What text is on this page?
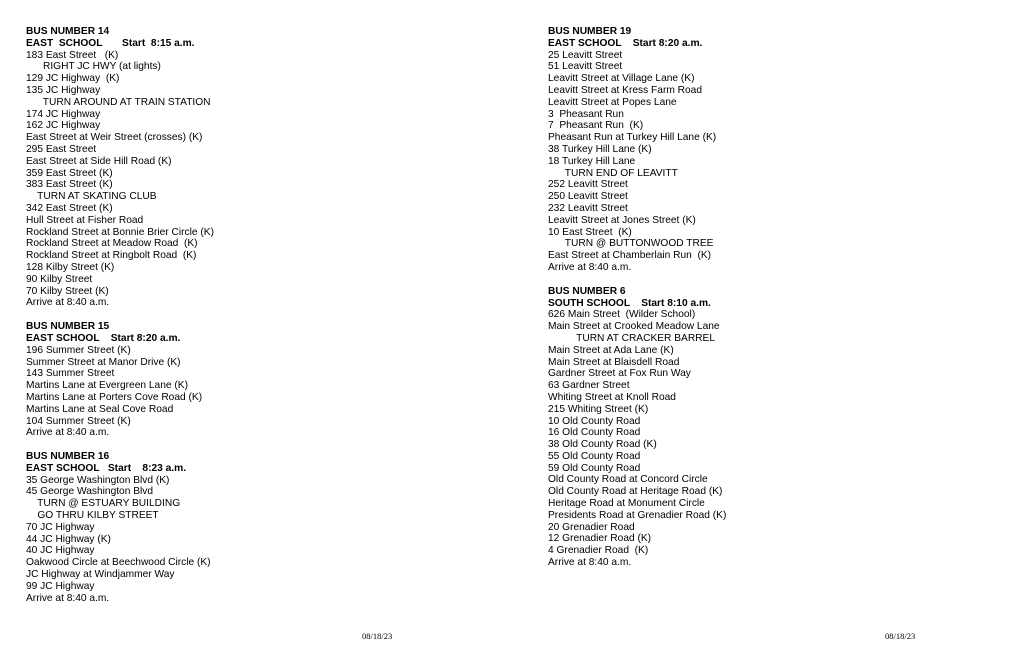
BUS NUMBER 14
EAST  SCHOOL       Start  8:15 a.m.
183 East Street   (K)
RIGHT JC HWY (at lights)
129 JC Highway  (K)
135 JC Highway
TURN AROUND AT TRAIN STATION
174 JC Highway
162 JC Highway
East Street at Weir Street (crosses) (K)
295 East Street
East Street at Side Hill Road (K)
359 East Street (K)
383 East Street (K)
TURN AT SKATING CLUB
342 East Street (K)
Hull Street at Fisher Road
Rockland Street at Bonnie Brier Circle (K)
Rockland Street at Meadow Road  (K)
Rockland Street at Ringbolt Road  (K)
128 Kilby Street (K)
90 Kilby Street
70 Kilby Street (K)
Arrive at 8:40 a.m.
BUS NUMBER 15
EAST SCHOOL    Start 8:20 a.m.
196 Summer Street (K)
Summer Street at Manor Drive (K)
143 Summer Street
Martins Lane at Evergreen Lane (K)
Martins Lane at Porters Cove Road (K)
Martins Lane at Seal Cove Road
104 Summer Street (K)
Arrive at 8:40 a.m.
BUS NUMBER 16
EAST SCHOOL   Start    8:23 a.m.
35 George Washington Blvd (K)
45 George Washington Blvd
TURN @ ESTUARY BUILDING
GO THRU KILBY STREET
70 JC Highway
44 JC Highway (K)
40 JC Highway
Oakwood Circle at Beechwood Circle (K)
JC Highway at Windjammer Way
99 JC Highway
Arrive at 8:40 a.m.
BUS NUMBER 19
EAST SCHOOL    Start 8:20 a.m.
25 Leavitt Street
51 Leavitt Street
Leavitt Street at Village Lane (K)
Leavitt Street at Kress Farm Road
Leavitt Street at Popes Lane
3  Pheasant Run
7  Pheasant Run  (K)
Pheasant Run at Turkey Hill Lane (K)
38 Turkey Hill Lane (K)
18 Turkey Hill Lane
TURN END OF LEAVITT
252 Leavitt Street
250 Leavitt Street
232 Leavitt Street
Leavitt Street at Jones Street (K)
10 East Street  (K)
TURN @ BUTTONWOOD TREE
East Street at Chamberlain Run  (K)
Arrive at 8:40 a.m.
BUS NUMBER 6
SOUTH SCHOOL    Start 8:10 a.m.
626 Main Street  (Wilder School)
Main Street at Crooked Meadow Lane
TURN AT CRACKER BARREL
Main Street at Ada Lane (K)
Main Street at Blaisdell Road
Gardner Street at Fox Run Way
63 Gardner Street
Whiting Street at Knoll Road
215 Whiting Street (K)
10 Old County Road
16 Old County Road
38 Old County Road (K)
55 Old County Road
59 Old County Road
Old County Road at Concord Circle
Old County Road at Heritage Road (K)
Heritage Road at Monument Circle
Presidents Road at Grenadier Road (K)
20 Grenadier Road
12 Grenadier Road (K)
4 Grenadier Road  (K)
Arrive at 8:40 a.m.
08/18/23	08/18/23
